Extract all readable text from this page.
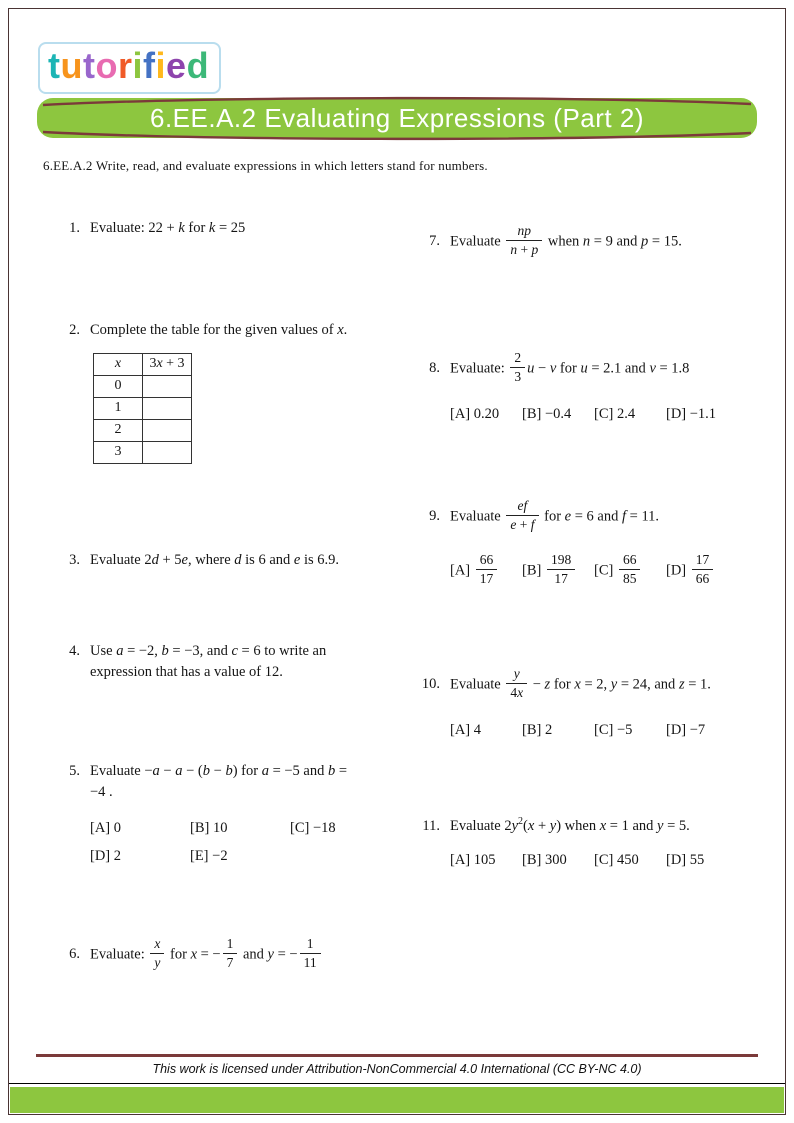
tutorified
6.EE.A.2 Evaluating Expressions (Part 2)
6.EE.A.2 Write, read, and evaluate expressions in which letters stand for numbers.
1. Evaluate: 22 + k for k = 25
2. Complete the table for the given values of x.
x	3x + 3
0	
1	
2	
3	
3. Evaluate 2d + 5e, where d is 6 and e is 6.9.
4. Use a = −2, b = −3, and c = 6 to write an expression that has a value of 12.
5. Evaluate −a − a − (b − b) for a = −5 and b = −4 .
[A] 0	[B] 10	[C] −18
[D] 2	[E] −2
6. Evaluate: $\frac{x}{y}$ for x = − $\frac{1}{7}$ and y = − $\frac{1}{11}$
7. Evaluate $\frac{np}{n + p}$ when n = 9 and p = 15.
8. Evaluate: $\frac{2}{3}$ u − v for u = 2.1 and v = 1.8
[A] 0.20 [B] −0.4 [C] 2.4 [D] −1.1
9. Evaluate $\frac{ef}{e + f}$ for e = 6 and f = 11.
$[A] \frac{66}{17} [B] \frac{198}{17} [C] \frac{66}{85} [D] \frac{17}{66}$
10. Evaluate $\frac{y}{4x} - z$ for x = 2, y = 24, and z = 1.
[A] 4	[B] 2	[C] −5 [D] −7
11. Evaluate $2y^2(x + y)$ when x = 1 and y = 5.
[A] 105 [B] 300 [C] 450 [D] 55
This work is licensed under Attribution-NonCommercial 4.0 International (CC BY-NC 4.0)
